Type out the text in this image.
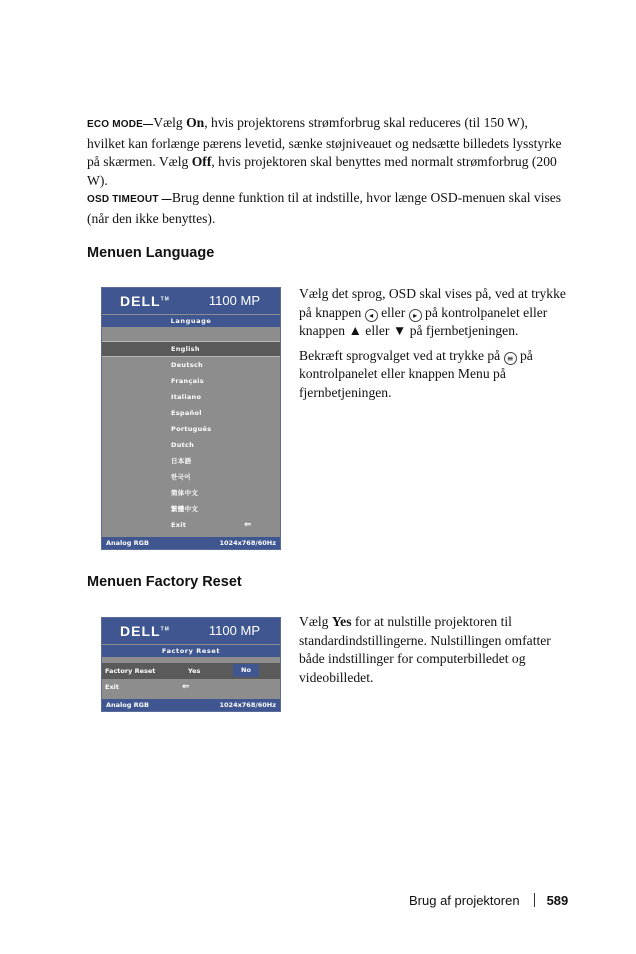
ECO MODE—Vælg On, hvis projektorens strømforbrug skal reduceres (til 150 W), hvilket kan forlænge pærens levetid, sænke støjniveauet og nedsætte billedets lysstyrke på skærmen. Vælg Off, hvis projektoren skal benyttes med normalt strømforbrug (200 W).
OSD TIMEOUT —Brug denne funktion til at indstille, hvor længe OSD-menuen skal vises (når den ikke benyttes).
Menuen Language
DELL™	1100 MP
Language
English
Deutsch
Français
Italiano
Español
Português
Dutch
日本語
한국어
简体中文
繁體中文
Exit	⇐
Analog RGB	1024x768/60Hz

Vælg det sprog, OSD skal vises på, ved at trykke på knappen ◂ eller ▸ på kontrolpanelet eller knappen ▲ eller ▼ på fjernbetjeningen.

Bekræft sprogvalget ved at trykke på ≡ på kontrolpanelet eller knappen Menu på fjernbetjeningen.

Menuen Factory Reset
DELL™	1100 MP
Factory Reset
Factory Reset	Yes	No
Exit	⇐
Analog RGB	1024x768/60Hz

Vælg Yes for at nulstille projektoren til standardindstillingerne. Nulstillingen omfatter både indstillinger for computerbilledet og videobilledet.

Brug af projektoren 589
